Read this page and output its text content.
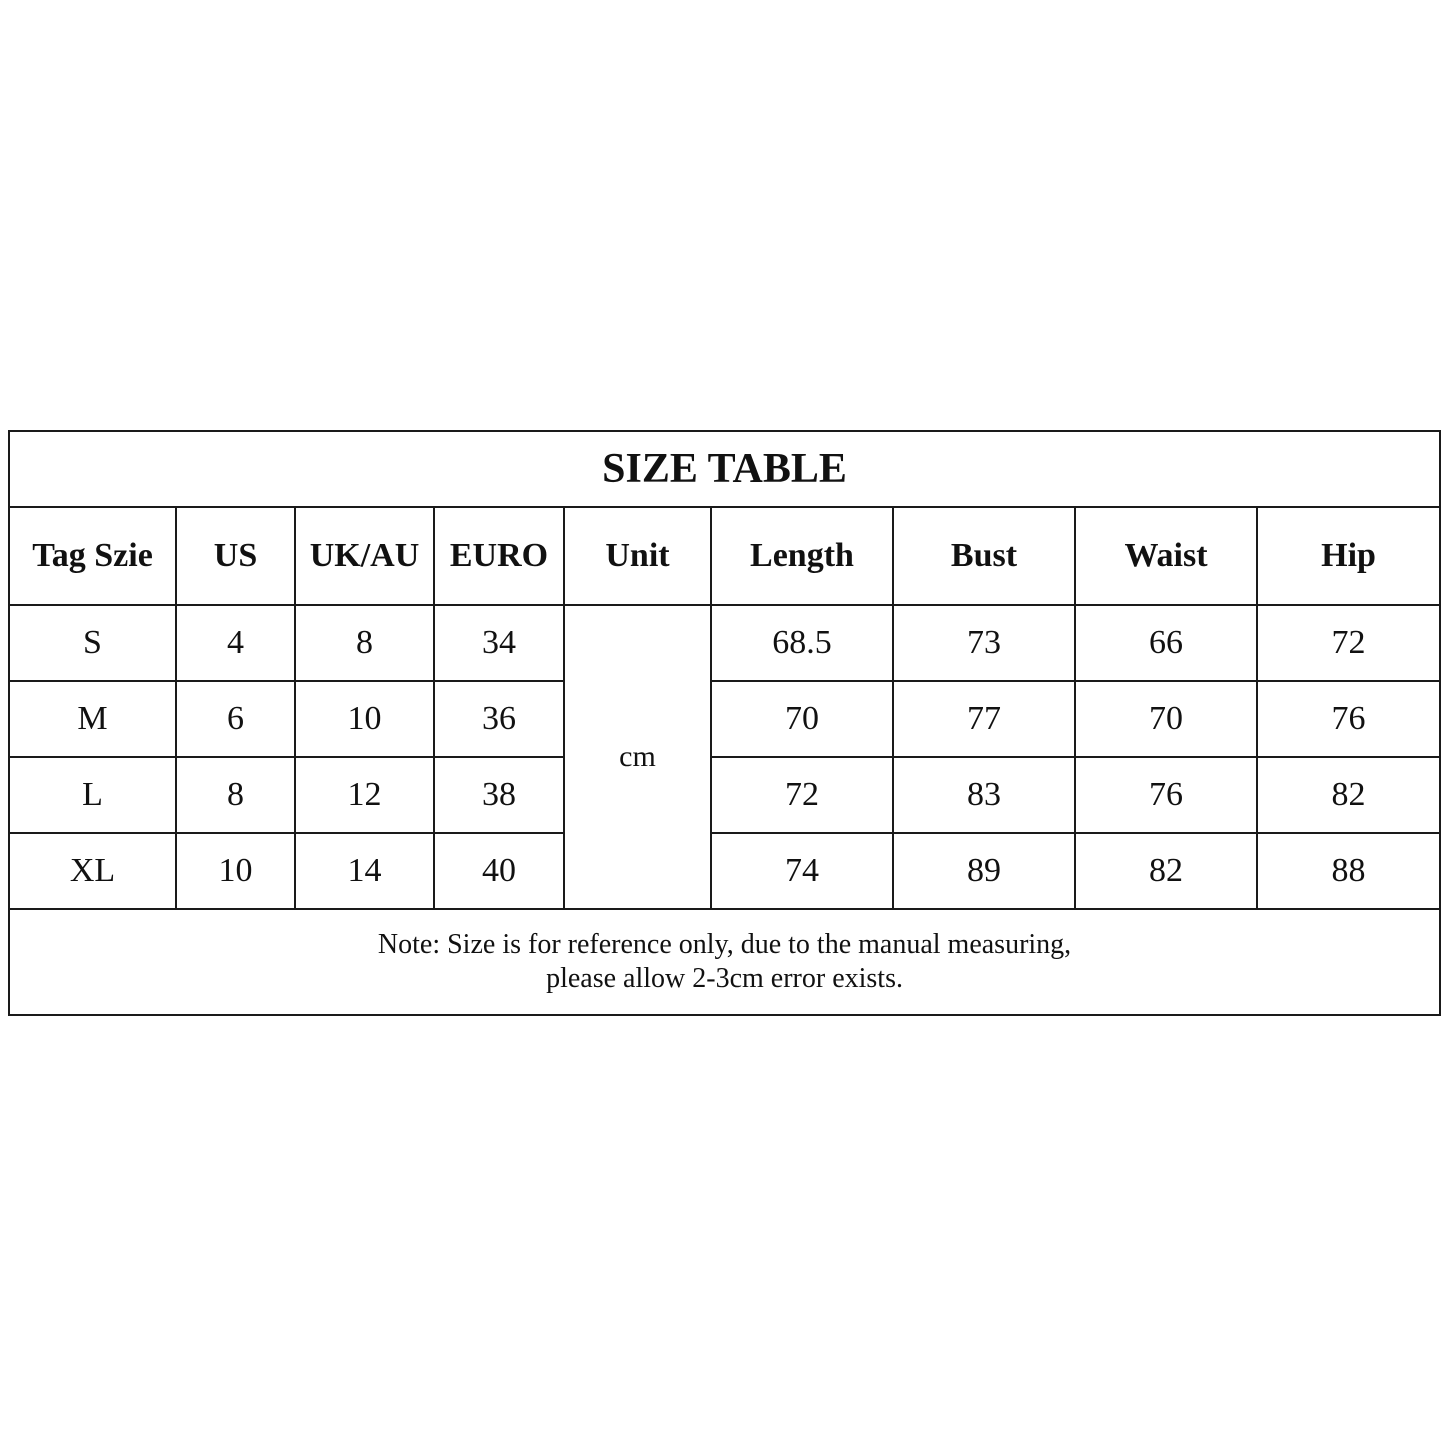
SIZE TABLE								
Tag Szie	US	UK/AU	EURO	Unit	Length	Bust	Waist	Hip
S	4	8	34	cm	68.5	73	66	72
M	6	10	36		70	77	70	76
L	8	12	38		72	83	76	82
XL	10	14	40		74	89	82	88

Note: Size is for reference only, due to the manual measuring,
please allow 2-3cm error exists.								
